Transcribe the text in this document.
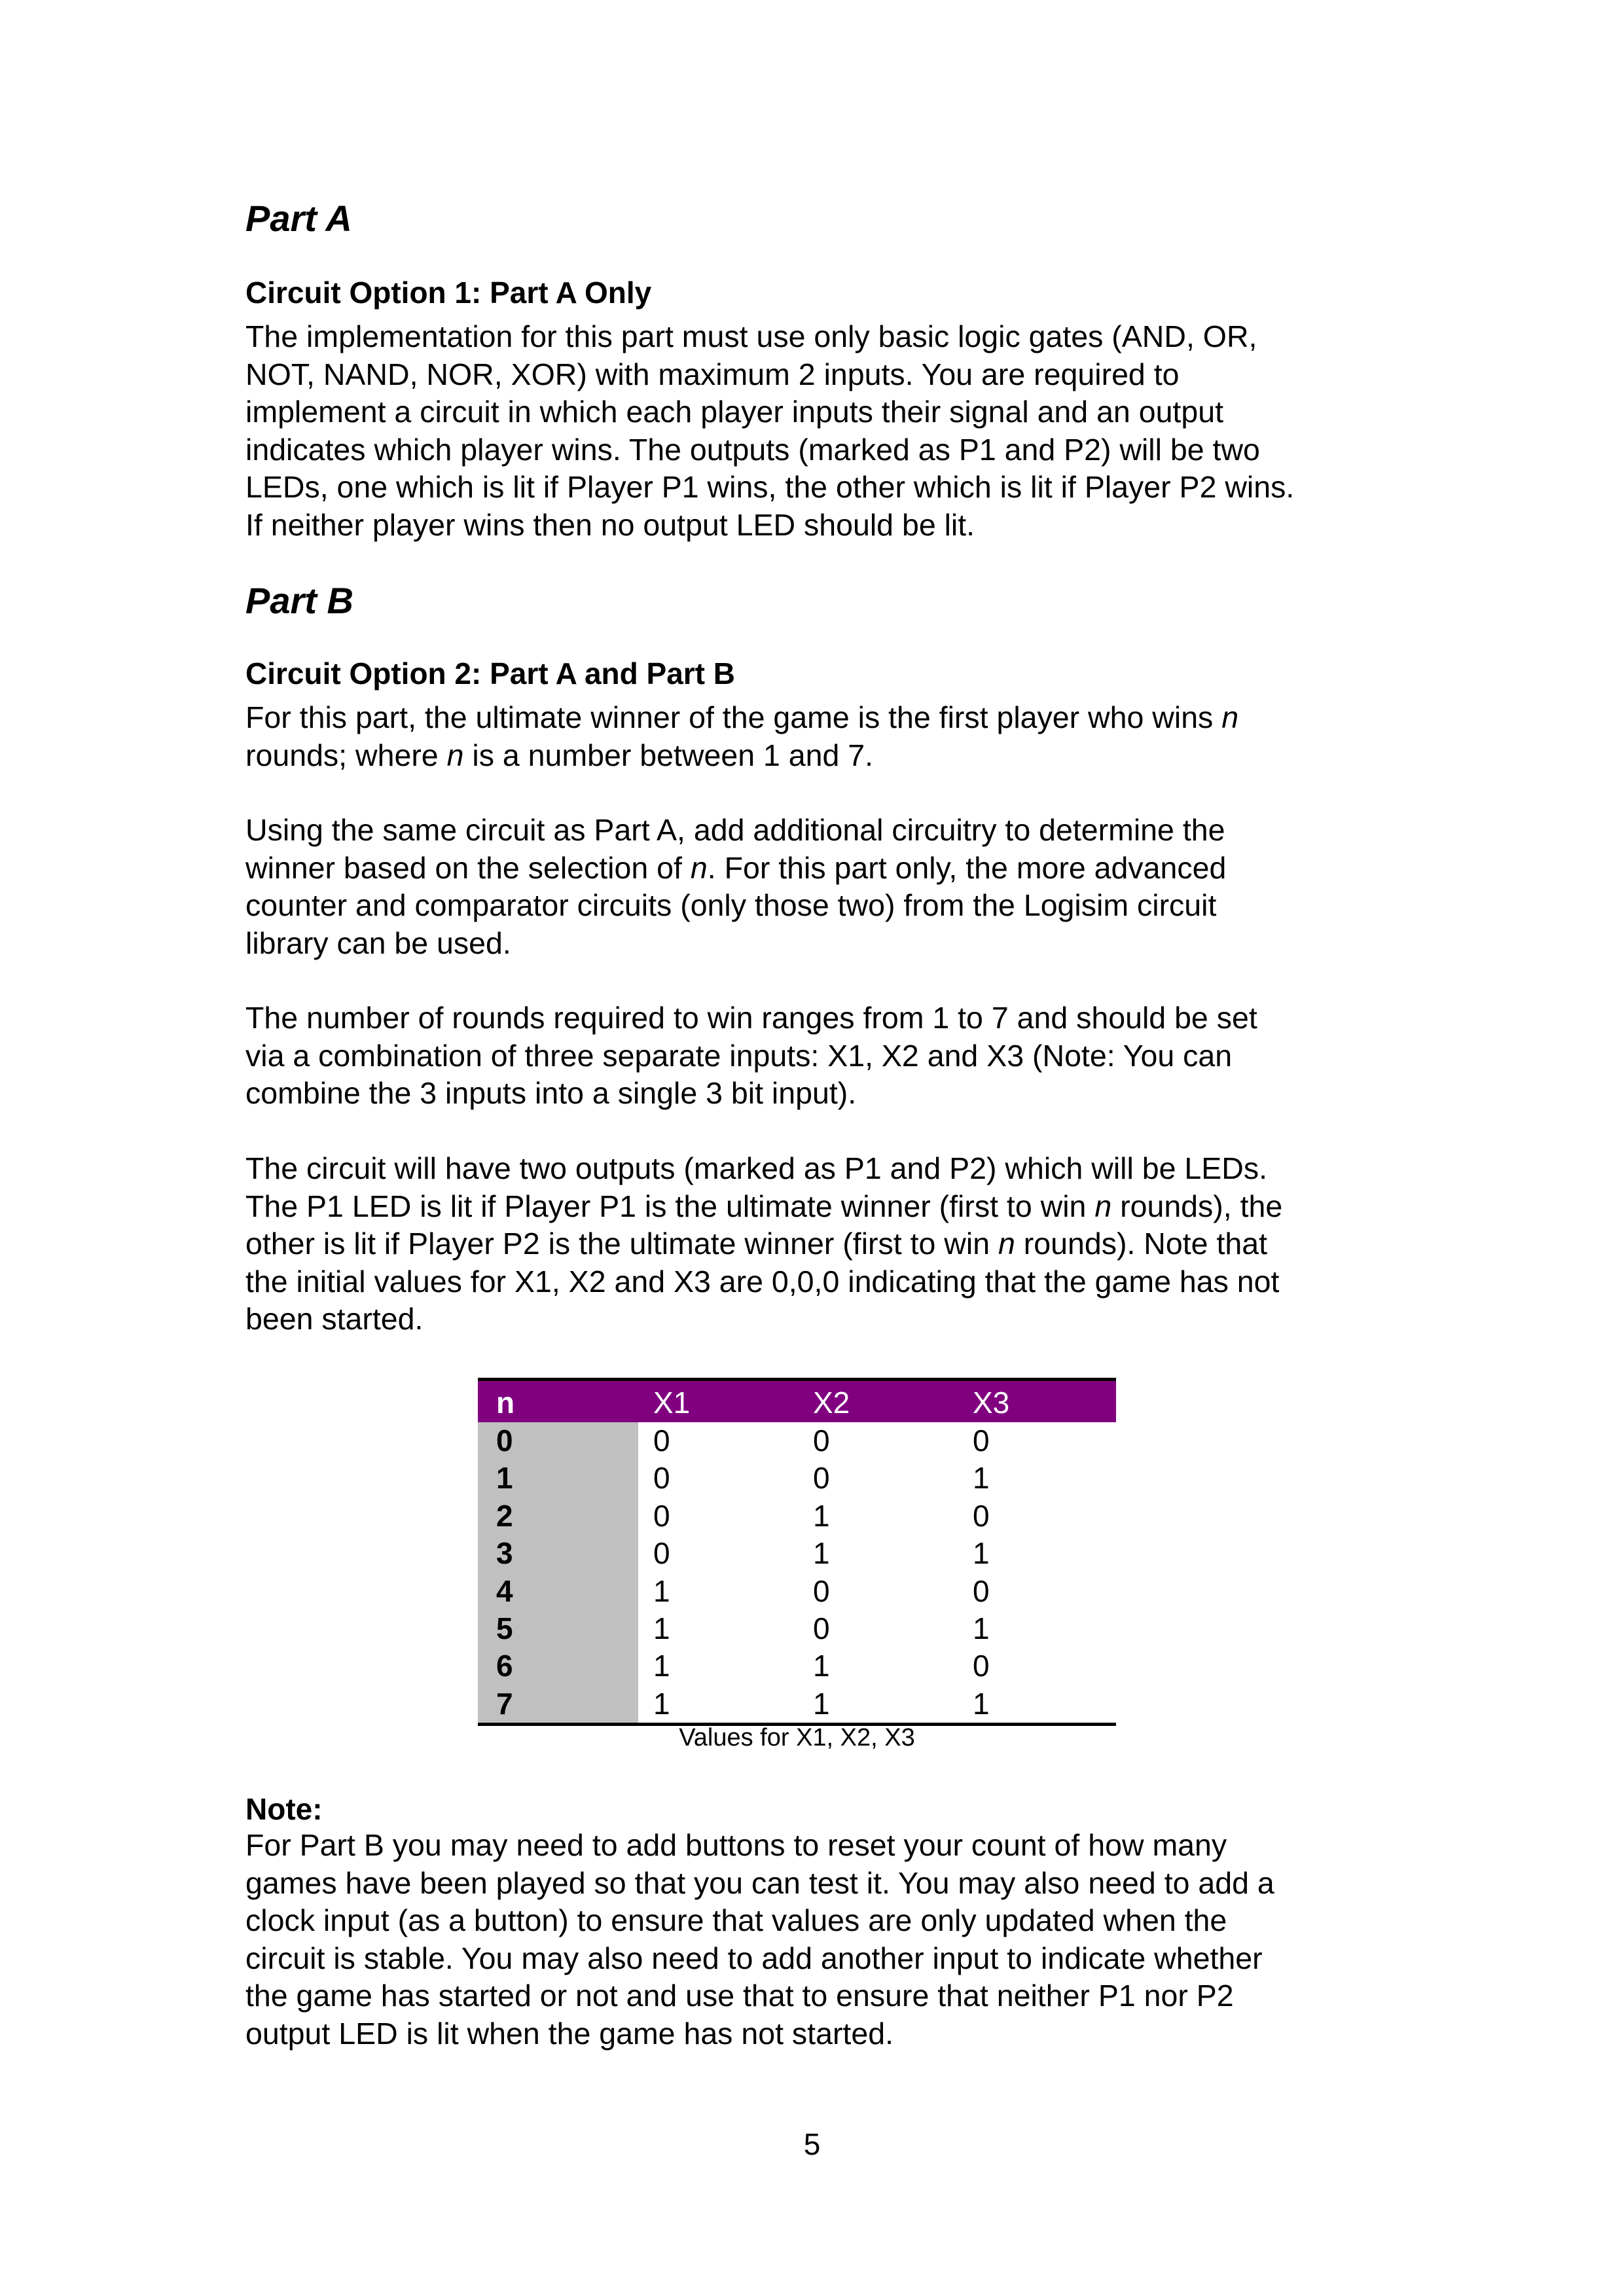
Part A
Circuit Option 1: Part A Only

The implementation for this part must use only basic logic gates (AND, OR,
NOT, NAND, NOR, XOR) with maximum 2 inputs. You are required to
implement a circuit in which each player inputs their signal and an output
indicates which player wins. The outputs (marked as P1 and P2) will be two
LEDs, one which is lit if Player P1 wins, the other which is lit if Player P2 wins.
If neither player wins then no output LED should be lit.

Part B
Circuit Option 2: Part A and Part B

For this part, the ultimate winner of the game is the first player who wins n
rounds; where n is a number between 1 and 7.

Using the same circuit as Part A, add additional circuitry to determine the
winner based on the selection of n. For this part only, the more advanced
counter and comparator circuits (only those two) from the Logisim circuit
library can be used.

The number of rounds required to win ranges from 1 to 7 and should be set
via a combination of three separate inputs: X1, X2 and X3 (Note: You can
combine the 3 inputs into a single 3 bit input).

The circuit will have two outputs (marked as P1 and P2) which will be LEDs.
The P1 LED is lit if Player P1 is the ultimate winner (first to win n rounds), the
other is lit if Player P2 is the ultimate winner (first to win n rounds). Note that
the initial values for X1, X2 and X3 are 0,0,0 indicating that the game has not
been started.

n	X1	X2	X3
0	0	0	0
1	0	0	1
2	0	1	0
3	0	1	1
4	1	0	0
5	1	0	1
6	1	1	0
7	1	1	1
Values for X1, X2, X3
Note:

For Part B you may need to add buttons to reset your count of how many
games have been played so that you can test it. You may also need to add a
clock input (as a button) to ensure that values are only updated when the
circuit is stable. You may also need to add another input to indicate whether
the game has started or not and use that to ensure that neither P1 nor P2
output LED is lit when the game has not started.

5
